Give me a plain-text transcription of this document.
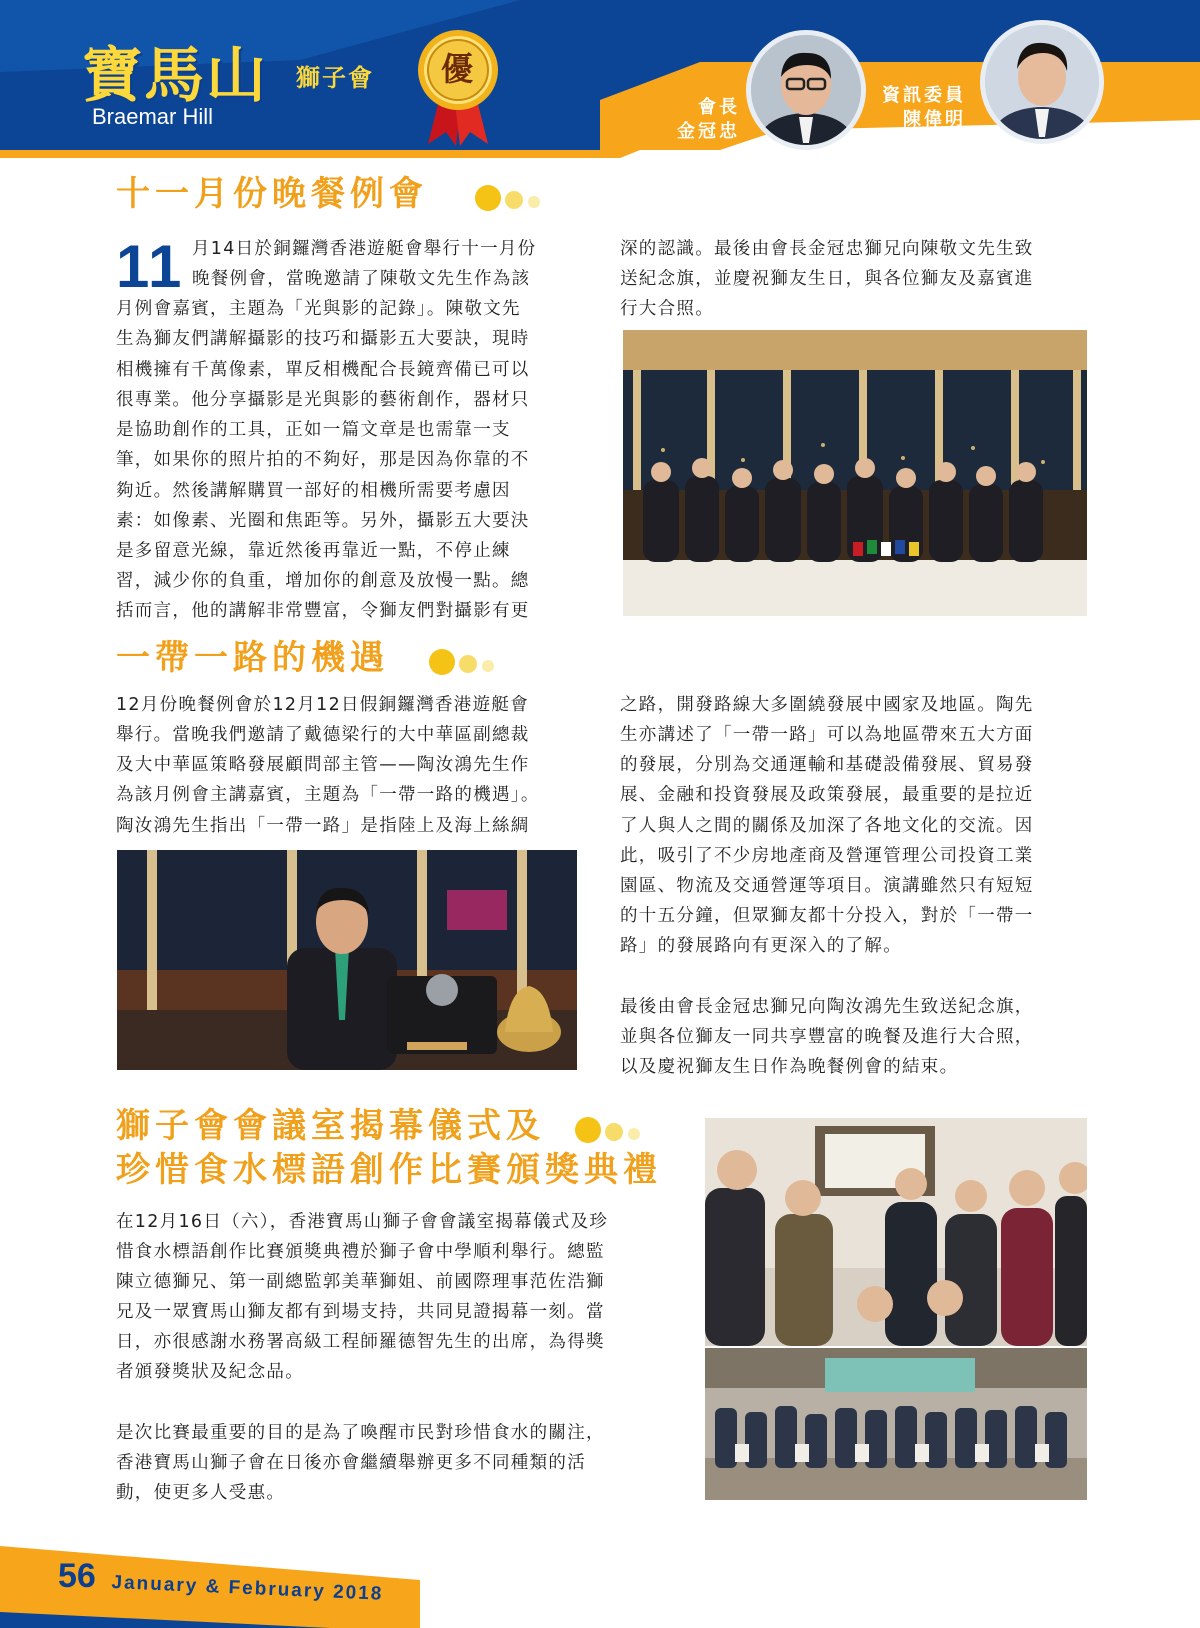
寶馬山 獅子會
Braemar Hill
優
會長
金冠忠
資訊委員
陳偉明
十一月份晚餐例會
11 月14日於銅鑼灣香港遊艇會舉行十一月份
晚餐例會，當晚邀請了陳敬文先生作為該
月例會嘉賓，主題為「光與影的記錄」。陳敬文先
生為獅友們講解攝影的技巧和攝影五大要訣，現時
相機擁有千萬像素，單反相機配合長鏡齊備已可以
很專業。他分享攝影是光與影的藝術創作，器材只
是協助創作的工具，正如一篇文章是也需靠一支
筆，如果你的照片拍的不夠好，那是因為你靠的不
夠近。然後講解購買一部好的相機所需要考慮因
素：如像素、光圈和焦距等。另外，攝影五大要決
是多留意光線，靠近然後再靠近一點，不停止練
習，減少你的負重，增加你的創意及放慢一點。總
括而言，他的講解非常豐富，令獅友們對攝影有更
深的認識。最後由會長金冠忠獅兄向陳敬文先生致
送紀念旗，並慶祝獅友生日，與各位獅友及嘉賓進
行大合照。
一帶一路的機遇
12月份晚餐例會於12月12日假銅鑼灣香港遊艇會
舉行。當晚我們邀請了戴德梁行的大中華區副總裁
及大中華區策略發展顧問部主管——陶汝鴻先生作
為該月例會主講嘉賓，主題為「一帶一路的機遇」。
陶汝鴻先生指出「一帶一路」是指陸上及海上絲綢
之路，開發路線大多圍繞發展中國家及地區。陶先
生亦講述了「一帶一路」可以為地區帶來五大方面
的發展，分別為交通運輸和基礎設備發展、貿易發
展、金融和投資發展及政策發展，最重要的是拉近
了人與人之間的關係及加深了各地文化的交流。因
此，吸引了不少房地產商及營運管理公司投資工業
園區、物流及交通營運等項目。演講雖然只有短短
的十五分鐘，但眾獅友都十分投入，對於「一帶一
路」的發展路向有更深入的了解。
最後由會長金冠忠獅兄向陶汝鴻先生致送紀念旗，
並與各位獅友一同共享豐富的晚餐及進行大合照，
以及慶祝獅友生日作為晚餐例會的結束。
獅子會會議室揭幕儀式及
珍惜食水標語創作比賽頒獎典禮
在12月16日（六），香港寶馬山獅子會會議室揭幕儀式及珍
惜食水標語創作比賽頒獎典禮於獅子會中學順利舉行。總監
陳立德獅兄、第一副總監郭美華獅姐、前國際理事范佐浩獅
兄及一眾寶馬山獅友都有到場支持，共同見證揭幕一刻。當
日，亦很感謝水務署高級工程師羅德智先生的出席，為得獎
者頒發獎狀及紀念品。
是次比賽最重要的目的是為了喚醒市民對珍惜食水的關注，
香港寶馬山獅子會在日後亦會繼續舉辦更多不同種類的活
動，使更多人受惠。
56 January & February 2018
